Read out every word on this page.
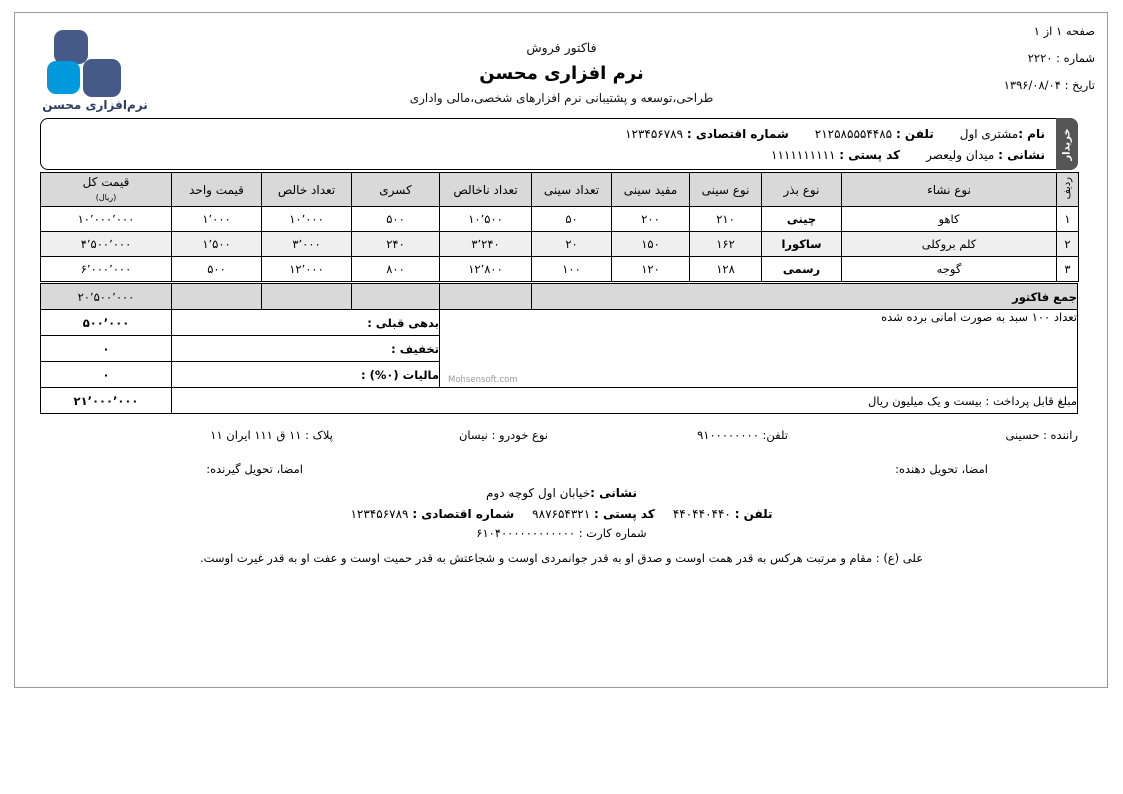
نرم‌افزاری محسن
فاکتور فروش
نرم افزاری محسن
طراحی،توسعه و پشتیبانی نرم افزارهای شخصی،مالی واداری
صفحه ۱ از ۱
شماره : ۲۲۲۰
تاریخ : ۱۳۹۶/۰۸/۰۴
خریدار
نام :مشتری اولتلفن : ۲۱۲۵۸۵۵۵۴۴۸۵شماره اقتصادی : ۱۲۳۴۵۶۷۸۹
نشانی : میدان ولیعصرکد پستی : ۱۱۱۱۱۱۱۱۱۱
ردیف	نوع نشاء	نوع بذر	نوع سینی	مفید سینی	تعداد سینی	تعداد ناخالص	کسری	تعداد خالص	قیمت واحد	قیمت کل
(ریال)

۱	کاهو	چینی	۲۱۰	۲۰۰	۵۰	۱۰٬۵۰۰	۵۰۰	۱۰٬۰۰۰	۱٬۰۰۰	۱۰٬۰۰۰٬۰۰۰
۲	کلم بروکلی	ساکورا	۱۶۲	۱۵۰	۲۰	۳٬۲۴۰	۲۴۰	۳٬۰۰۰	۱٬۵۰۰	۴٬۵۰۰٬۰۰۰
۳	گوجه	رسمی	۱۲۸	۱۲۰	۱۰۰	۱۲٬۸۰۰	۸۰۰	۱۲٬۰۰۰	۵۰۰	۶٬۰۰۰٬۰۰۰
جمع فاکتور					۲۰٬۵۰۰٬۰۰۰
تعداد ۱۰۰ سبد به صورت امانی برده شده
Mohsensoft.com		بدهی قبلی :			۵۰۰٬۰۰۰
		تخفیف :			۰
		مالیات (۰%) :			۰
مبلغ قابل پرداخت : بیست و یک میلیون ریال					۲۱٬۰۰۰٬۰۰۰
راننده : حسینی
تلفن: ۹۱۰۰۰۰۰۰۰۰
نوع خودرو : نیسان
پلاک : ۱۱ ق ۱۱۱ ایران ۱۱
امضا، تحویل دهنده:
امضا، تحویل گیرنده:
نشانی :خیابان اول کوچه دوم
تلفن : ۴۴۰۴۴۰۴۴۰کد پستی : ۹۸۷۶۵۴۳۲۱شماره اقتصادی : ۱۲۳۴۵۶۷۸۹
شماره کارت : ۶۱۰۴۰۰۰۰۰۰۰۰۰۰۰۰
علی (ع) : مقام و مرتبت هرکس به قدر همت اوست و صدق او به قدر جوانمردی اوست و شجاعتش به قدر حمیت اوست و عفت او به قدر غیرت اوست.
